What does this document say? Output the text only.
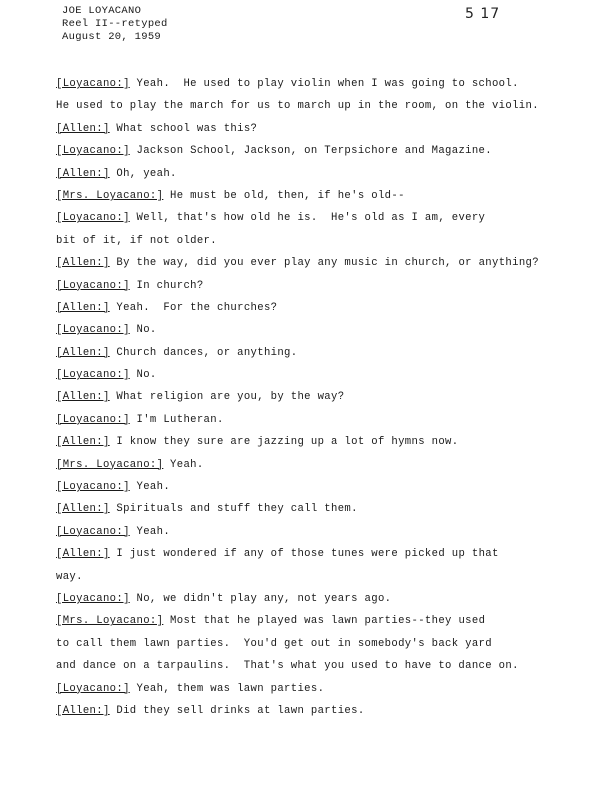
JOE LOYACANO
Reel II--retyped
August 20, 1959
5 17
[Loyacano:] Yeah.  He used to play violin when I was going to school.
He used to play the march for us to march up in the room, on the violin.
[Allen:] What school was this?
[Loyacano:] Jackson School, Jackson, on Terpsichore and Magazine.
[Allen:] Oh, yeah.
[Mrs. Loyacano:] He must be old, then, if he's old--
[Loyacano:] Well, that's how old he is.  He's old as I am, every
bit of it, if not older.
[Allen:] By the way, did you ever play any music in church, or anything?
[Loyacano:] In church?
[Allen:] Yeah.  For the churches?
[Loyacano:] No.
[Allen:] Church dances, or anything.
[Loyacano:] No.
[Allen:] What religion are you, by the way?
[Loyacano:] I'm Lutheran.
[Allen:] I know they sure are jazzing up a lot of hymns now.
[Mrs. Loyacano:] Yeah.
[Loyacano:] Yeah.
[Allen:] Spirituals and stuff they call them.
[Loyacano:] Yeah.
[Allen:] I just wondered if any of those tunes were picked up that
way.
[Loyacano:] No, we didn't play any, not years ago.
[Mrs. Loyacano:] Most that he played was lawn parties--they used
to call them lawn parties.  You'd get out in somebody's back yard
and dance on a tarpaulins.  That's what you used to have to dance on.
[Loyacano:] Yeah, them was lawn parties.
[Allen:] Did they sell drinks at lawn parties.
